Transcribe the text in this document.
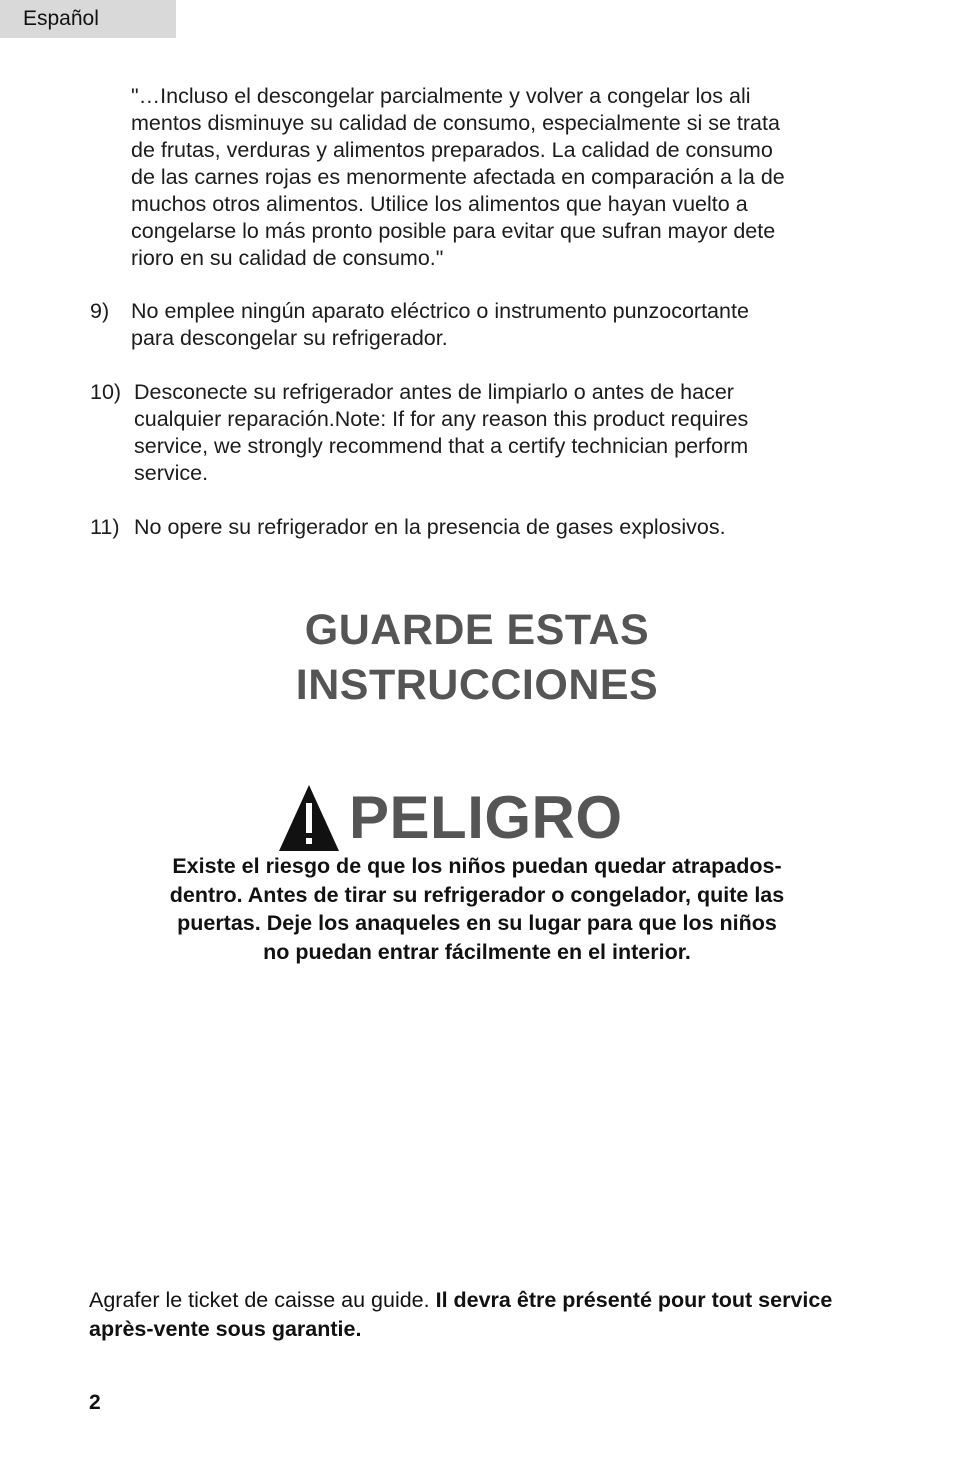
Español
"…Incluso el descongelar parcialmente y volver a congelar los ali
mentos disminuye su calidad de consumo, especialmente si se trata
de frutas, verduras y alimentos preparados. La calidad de consumo
de las carnes rojas es menormente afectada en comparación a la de
muchos otros alimentos. Utilice los alimentos que hayan vuelto a
congelarse lo más pronto posible para evitar que sufran mayor dete
rioro en su calidad de consumo."
9) No emplee ningún aparato eléctrico o instrumento punzocortante
para descongelar su refrigerador.
10) Desconecte su refrigerador antes de limpiarlo o antes de hacer
cualquier reparación.Note: If for any reason this product requires
service, we strongly recommend that a certify technician perform
service.
11) No opere su refrigerador en la presencia de gases explosivos.
GUARDE ESTAS
INSTRUCCIONES
PELIGRO
Existe el riesgo de que los niños puedan quedar atrapados-
dentro. Antes de tirar su refrigerador o congelador, quite las
puertas. Deje los anaqueles en su lugar para que los niños
no puedan entrar fácilmente en el interior.
Agrafer le ticket de caisse au guide. Il devra être présenté pour tout service après-vente sous garantie.
2
